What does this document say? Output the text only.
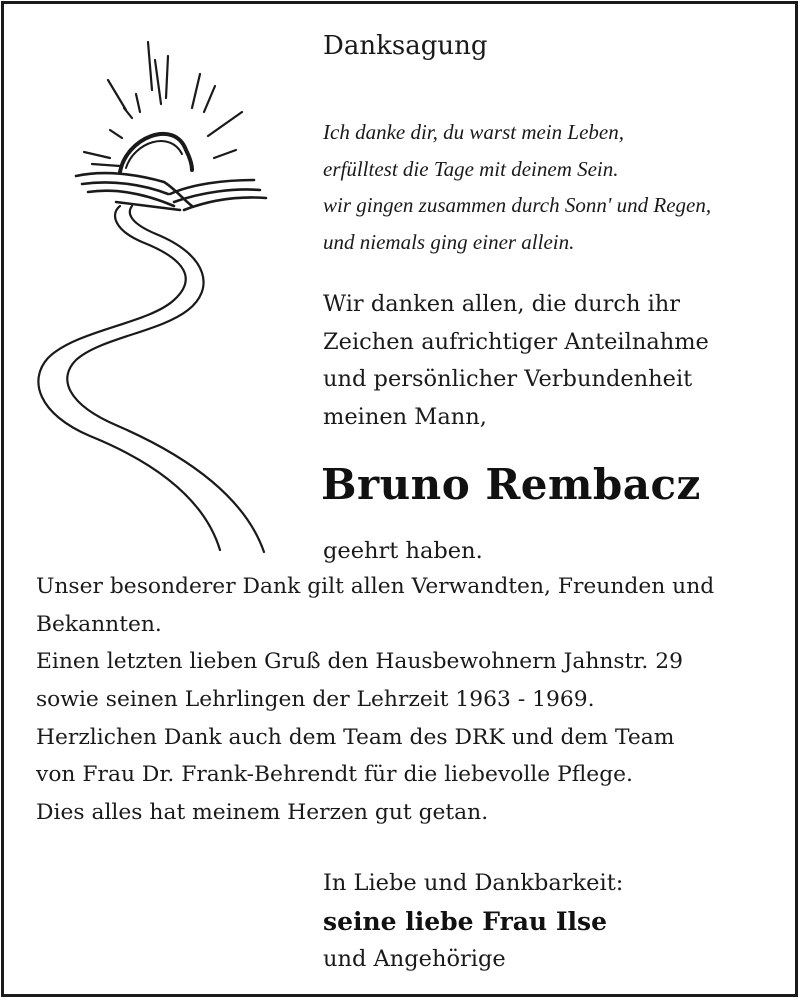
Danksagung
Ich danke dir, du warst mein Leben,
erfülltest die Tage mit deinem Sein.
wir gingen zusammen durch Sonn' und Regen,
und niemals ging einer allein.
Wir danken allen, die durch ihr
Zeichen aufrichtiger Anteilnahme
und persönlicher Verbundenheit
meinen Mann,
Bruno Rembacz
geehrt haben.
Unser besonderer Dank gilt allen Verwandten, Freunden und
Bekannten.
Einen letzten lieben Gruß den Hausbewohnern Jahnstr. 29
sowie seinen Lehrlingen der Lehrzeit 1963 - 1969.
Herzlichen Dank auch dem Team des DRK und dem Team
von Frau Dr. Frank-Behrendt für die liebevolle Pflege.
Dies alles hat meinem Herzen gut getan.
In Liebe und Dankbarkeit:
seine liebe Frau Ilse
und Angehörige
